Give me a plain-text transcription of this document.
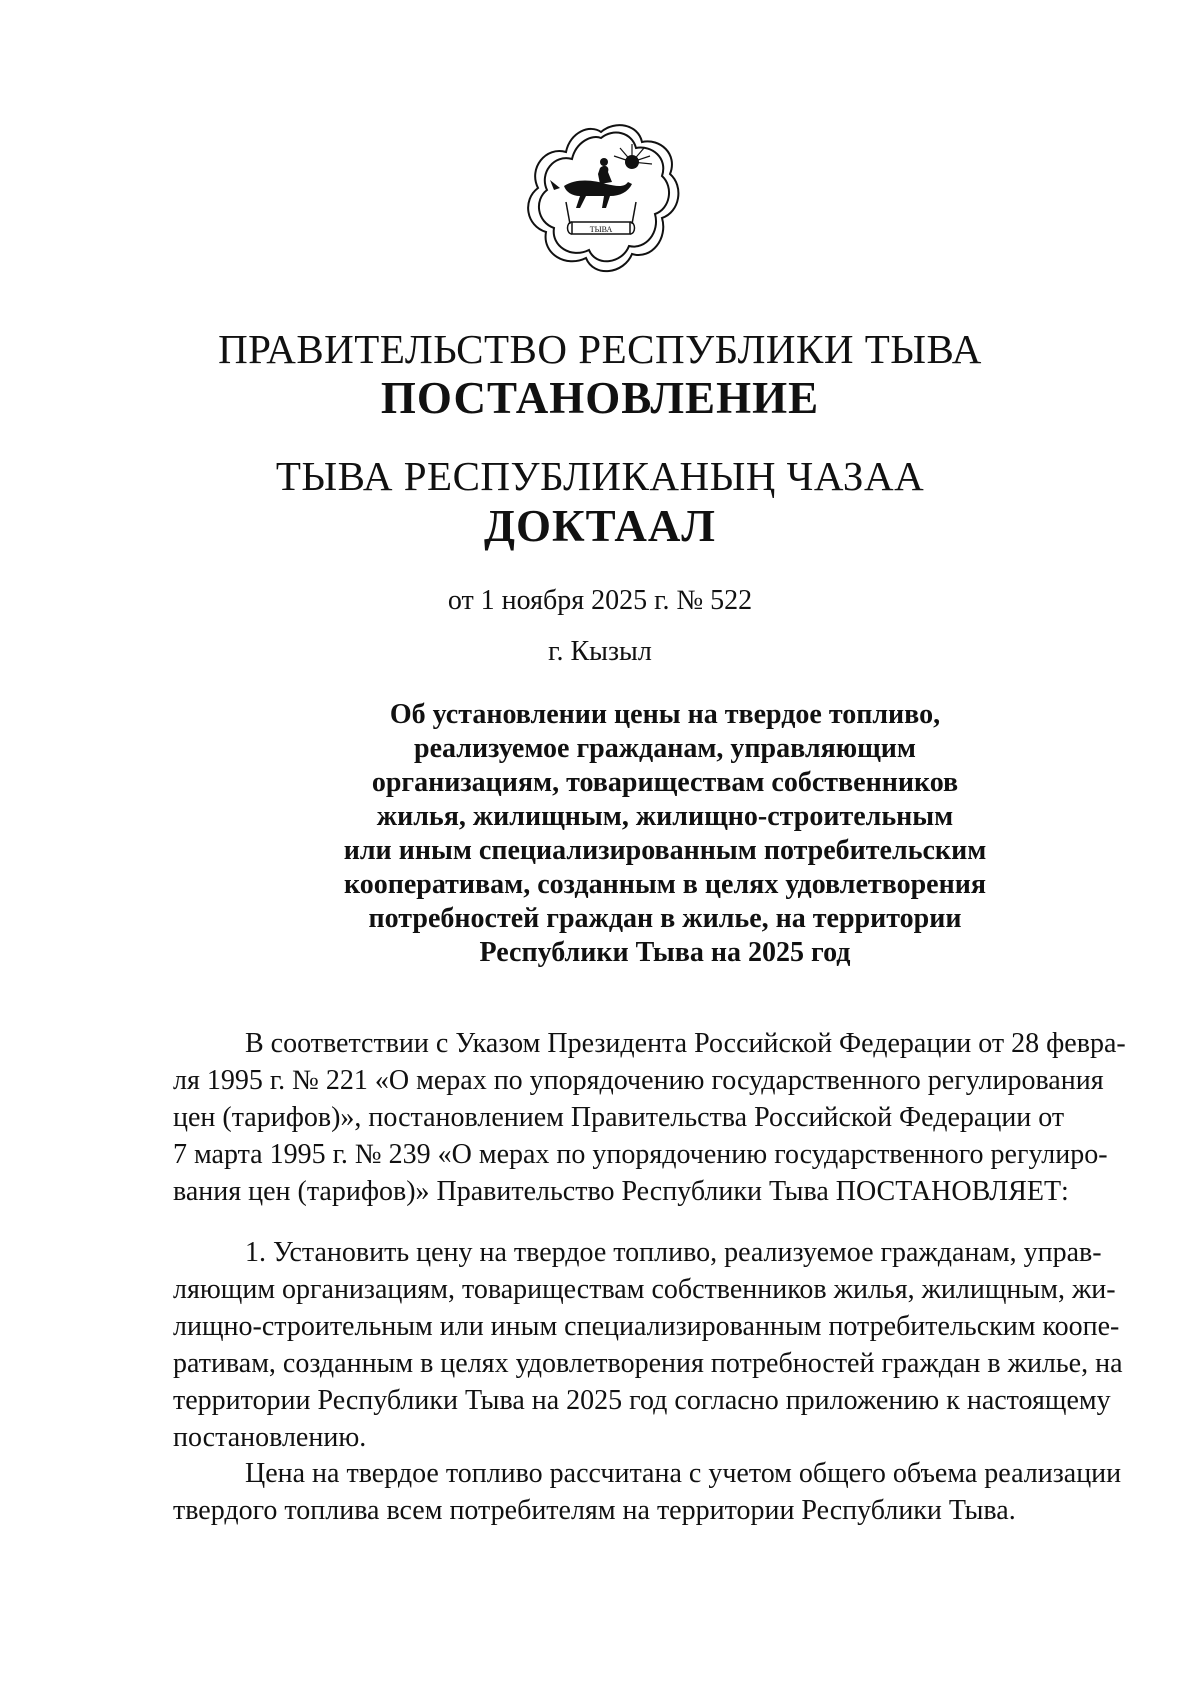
ТЫВА
ПРАВИТЕЛЬСТВО РЕСПУБЛИКИ ТЫВА
ПОСТАНОВЛЕНИЕ
ТЫВА РЕСПУБЛИКАНЫҢ ЧАЗАА
ДОКТААЛ
от 1 ноября 2025 г. № 522
г. Кызыл
Об установлении цены на твердое топливо,
реализуемое гражданам, управляющим
организациям, товариществам собственников
жилья, жилищным, жилищно-строительным
или иным специализированным потребительским
кооперативам, созданным в целях удовлетворения
потребностей граждан в жилье, на территории
Республики Тыва на 2025 год
В соответствии с Указом Президента Российской Федерации от 28 февра-
ля 1995 г. № 221 «О мерах по упорядочению государственного регулирования
цен (тарифов)», постановлением Правительства Российской Федерации от
7 марта 1995 г. № 239 «О мерах по упорядочению государственного регулиро-
вания цен (тарифов)» Правительство Республики Тыва ПОСТАНОВЛЯЕТ:
1. Установить цену на твердое топливо, реализуемое гражданам, управ-
ляющим организациям, товариществам собственников жилья, жилищным, жи-
лищно-строительным или иным специализированным потребительским коопе-
ративам, созданным в целях удовлетворения потребностей граждан в жилье, на
территории Республики Тыва на 2025 год согласно приложению к настоящему
постановлению.
Цена на твердое топливо рассчитана с учетом общего объема реализации
твердого топлива всем потребителям на территории Республики Тыва.
